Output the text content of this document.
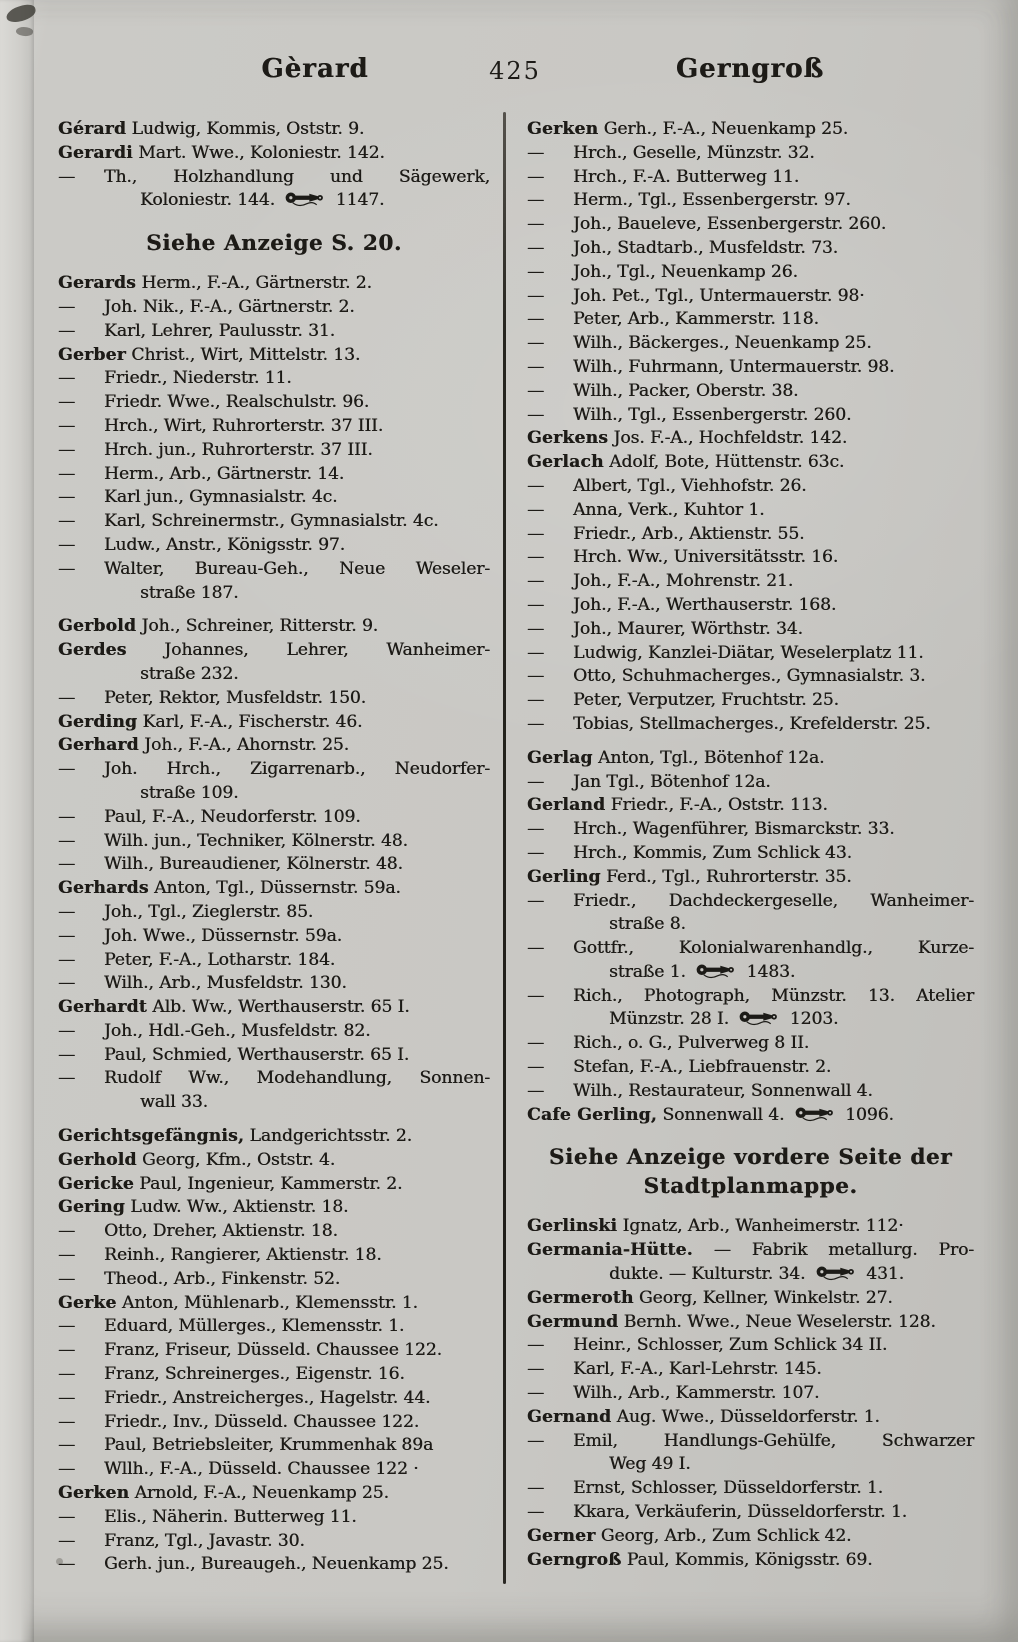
Gèrard	425	Gerngroß
Gérard Ludwig, Kommis, Oststr. 9.
Gerardi Mart. Wwe., Koloniestr. 142.
— Th., Holzhandlung und Sägewerk,
Koloniestr. 144.	1147.
Siehe Anzeige S. 20.
Gerards Herm., F.-A., Gärtnerstr. 2.
— Joh. Nik., F.-A., Gärtnerstr. 2.
— Karl, Lehrer, Paulusstr. 31.
Gerber Christ., Wirt, Mittelstr. 13.
— Friedr., Niederstr. 11.
— Friedr. Wwe., Realschulstr. 96.
— Hrch., Wirt, Ruhrorterstr. 37 III.
— Hrch. jun., Ruhrorterstr. 37 III.
— Herm., Arb., Gärtnerstr. 14.
— Karl jun., Gymnasialstr. 4c.
— Karl, Schreinermstr., Gymnasialstr. 4c.
— Ludw., Anstr., Königsstr. 97.
— Walter, Bureau-Geh., Neue Weseler-
straße 187.
Gerbold Joh., Schreiner, Ritterstr. 9.
Gerdes Johannes, Lehrer, Wanheimer-
straße 232.
— Peter, Rektor, Musfeldstr. 150.
Gerding Karl, F.-A., Fischerstr. 46.
Gerhard Joh., F.-A., Ahornstr. 25.
— Joh. Hrch., Zigarrenarb., Neudorfer-
straße 109.
— Paul, F.-A., Neudorferstr. 109.
— Wilh. jun., Techniker, Kölnerstr. 48.
— Wilh., Bureaudiener, Kölnerstr. 48.
Gerhards Anton, Tgl., Düssernstr. 59a.
— Joh., Tgl., Zieglerstr. 85.
— Joh. Wwe., Düssernstr. 59a.
— Peter, F.-A., Lotharstr. 184.
— Wilh., Arb., Musfeldstr. 130.
Gerhardt Alb. Ww., Werthauserstr. 65 I.
— Joh., Hdl.-Geh., Musfeldstr. 82.
— Paul, Schmied, Werthauserstr. 65 I.
— Rudolf Ww., Modehandlung, Sonnen-
wall 33.
Gerichtsgefängnis, Landgerichtsstr. 2.
Gerhold Georg, Kfm., Oststr. 4.
Gericke Paul, Ingenieur, Kammerstr. 2.
Gering Ludw. Ww., Aktienstr. 18.
— Otto, Dreher, Aktienstr. 18.
— Reinh., Rangierer, Aktienstr. 18.
— Theod., Arb., Finkenstr. 52.
Gerke Anton, Mühlenarb., Klemensstr. 1.
— Eduard, Müllerges., Klemensstr. 1.
— Franz, Friseur, Düsseld. Chaussee 122.
— Franz, Schreinerges., Eigenstr. 16.
— Friedr., Anstreicherges., Hagelstr. 44.
— Friedr., Inv., Düsseld. Chaussee 122.
— Paul, Betriebsleiter, Krummenhak 89a
— Wllh., F.-A., Düsseld. Chaussee 122 ·
Gerken Arnold, F.-A., Neuenkamp 25.
— Elis., Näherin. Butterweg 11.
— Franz, Tgl., Javastr. 30.
— Gerh. jun., Bureaugeh., Neuenkamp 25.
Gerken Gerh., F.-A., Neuenkamp 25.
— Hrch., Geselle, Münzstr. 32.
— Hrch., F.-A. Butterweg 11.
— Herm., Tgl., Essenbergerstr. 97.
— Joh., Baueleve, Essenbergerstr. 260.
— Joh., Stadtarb., Musfeldstr. 73.
— Joh., Tgl., Neuenkamp 26.
— Joh. Pet., Tgl., Untermauerstr. 98·
— Peter, Arb., Kammerstr. 118.
— Wilh., Bäckerges., Neuenkamp 25.
— Wilh., Fuhrmann, Untermauerstr. 98.
— Wilh., Packer, Oberstr. 38.
— Wilh., Tgl., Essenbergerstr. 260.
Gerkens Jos. F.-A., Hochfeldstr. 142.
Gerlach Adolf, Bote, Hüttenstr. 63c.
— Albert, Tgl., Viehhofstr. 26.
— Anna, Verk., Kuhtor 1.
— Friedr., Arb., Aktienstr. 55.
— Hrch. Ww., Universitätsstr. 16.
— Joh., F.-A., Mohrenstr. 21.
— Joh., F.-A., Werthauserstr. 168.
— Joh., Maurer, Wörthstr. 34.
— Ludwig, Kanzlei-Diätar, Weselerplatz 11.
— Otto, Schuhmacherges., Gymnasialstr. 3.
— Peter, Verputzer, Fruchtstr. 25.
— Tobias, Stellmacherges., Krefelderstr. 25.
Gerlag Anton, Tgl., Bötenhof 12a.
— Jan Tgl., Bötenhof 12a.
Gerland Friedr., F.-A., Oststr. 113.
— Hrch., Wagenführer, Bismarckstr. 33.
— Hrch., Kommis, Zum Schlick 43.
Gerling Ferd., Tgl., Ruhrorterstr. 35.
— Friedr., Dachdeckergeselle, Wanheimer-
straße 8.
— Gottfr., Kolonialwarenhandlg., Kurze-
straße 1.	1483.
— Rich., Photograph, Münzstr. 13. Atelier
Münzstr. 28 I.	1203.
— Rich., o. G., Pulverweg 8 II.
— Stefan, F.-A., Liebfrauenstr. 2.
— Wilh., Restaurateur, Sonnenwall 4.
Cafe Gerling, Sonnenwall 4.	1096.
Siehe Anzeige vordere Seite der
Stadtplanmappe.
Gerlinski Ignatz, Arb., Wanheimerstr. 112·
Germania-Hütte. — Fabrik metallurg. Pro-
dukte. — Kulturstr. 34.	431.
Germeroth Georg, Kellner, Winkelstr. 27.
Germund Bernh. Wwe., Neue Weselerstr. 128.
— Heinr., Schlosser, Zum Schlick 34 II.
— Karl, F.-A., Karl-Lehrstr. 145.
— Wilh., Arb., Kammerstr. 107.
Gernand Aug. Wwe., Düsseldorferstr. 1.
— Emil, Handlungs-Gehülfe, Schwarzer
Weg 49 I.
— Ernst, Schlosser, Düsseldorferstr. 1.
— Kkara, Verkäuferin, Düsseldorferstr. 1.
Gerner Georg, Arb., Zum Schlick 42.
Gerngroß Paul, Kommis, Königsstr. 69.
